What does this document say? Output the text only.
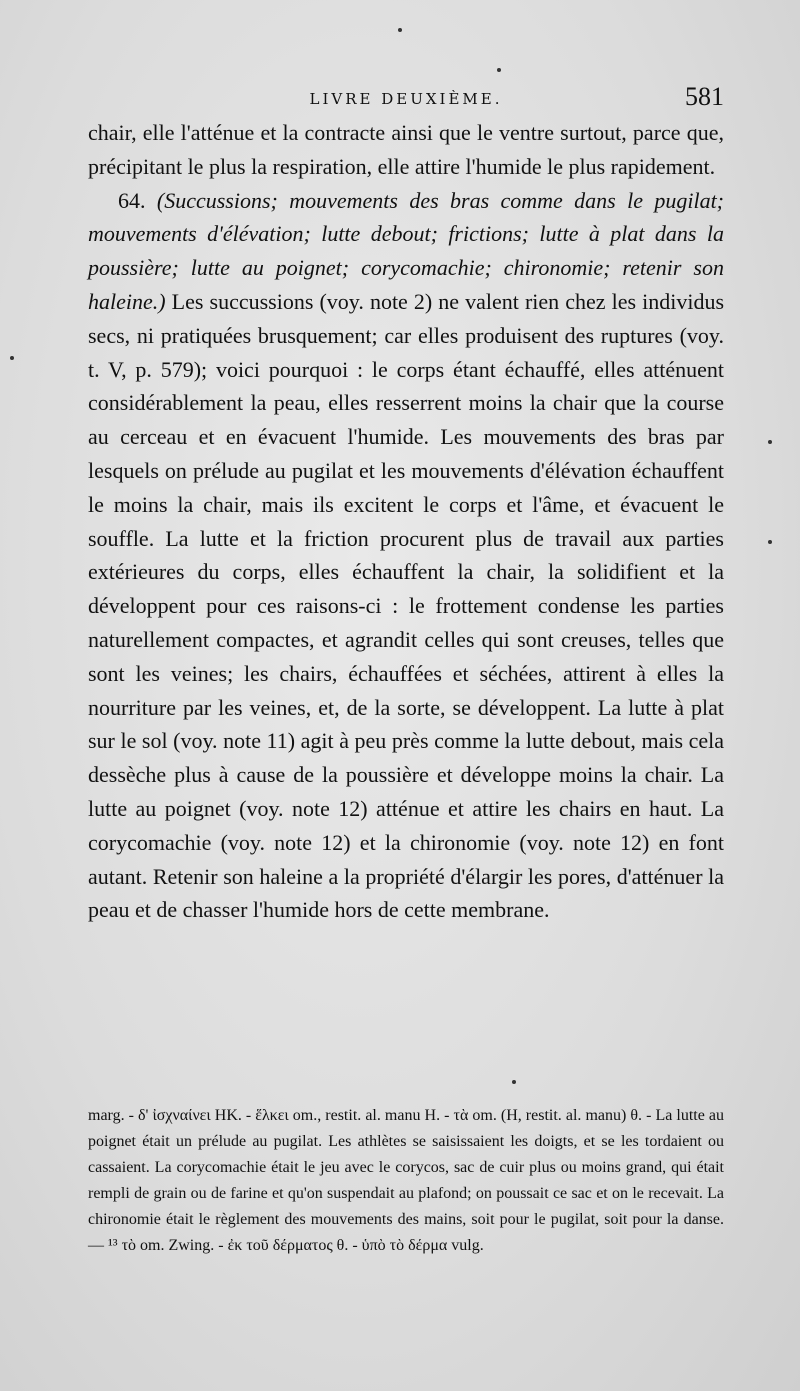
LIVRE DEUXIÈME.	581

chair, elle l'atténue et la contracte ainsi que le ventre surtout, parce que, précipitant le plus la respiration, elle attire l'humide le plus rapidement.

64. (Succussions; mouvements des bras comme dans le pugilat; mouvements d'élévation; lutte debout; frictions; lutte à plat dans la poussière; lutte au poignet; corycomachie; chironomie; retenir son haleine.) Les succussions (voy. note 2) ne valent rien chez les individus secs, ni pratiquées brusquement; car elles produisent des ruptures (voy. t. V, p. 579); voici pourquoi : le corps étant échauffé, elles atténuent considérablement la peau, elles resserrent moins la chair que la course au cerceau et en évacuent l'humide. Les mouvements des bras par lesquels on prélude au pugilat et les mouvements d'élévation échauffent le moins la chair, mais ils excitent le corps et l'âme, et évacuent le souffle. La lutte et la friction procurent plus de travail aux parties extérieures du corps, elles échauffent la chair, la solidifient et la développent pour ces raisons-ci : le frottement condense les parties naturellement compactes, et agrandit celles qui sont creuses, telles que sont les veines; les chairs, échauffées et séchées, attirent à elles la nourriture par les veines, et, de la sorte, se développent. La lutte à plat sur le sol (voy. note 11) agit à peu près comme la lutte debout, mais cela dessèche plus à cause de la poussière et développe moins la chair. La lutte au poignet (voy. note 12) atténue et attire les chairs en haut. La corycomachie (voy. note 12) et la chironomie (voy. note 12) en font autant. Retenir son haleine a la propriété d'élargir les pores, d'atténuer la peau et de chasser l'humide hors de cette membrane.

marg. - δ' ἰσχναίνει HK. - ἕλκει om., restit. al. manu H. - τὰ om. (H, restit. al. manu) θ. - La lutte au poignet était un prélude au pugilat. Les athlètes se saisissaient les doigts, et se les tordaient ou cassaient. La corycomachie était le jeu avec le corycos, sac de cuir plus ou moins grand, qui était rempli de grain ou de farine et qu'on suspendait au plafond; on poussait ce sac et on le recevait. La chironomie était le règlement des mouvements des mains, soit pour le pugilat, soit pour la danse. — ¹³ τὸ om. Zwing. - ἐκ τοῦ δέρματος θ. - ὑπὸ τὸ δέρμα vulg.
